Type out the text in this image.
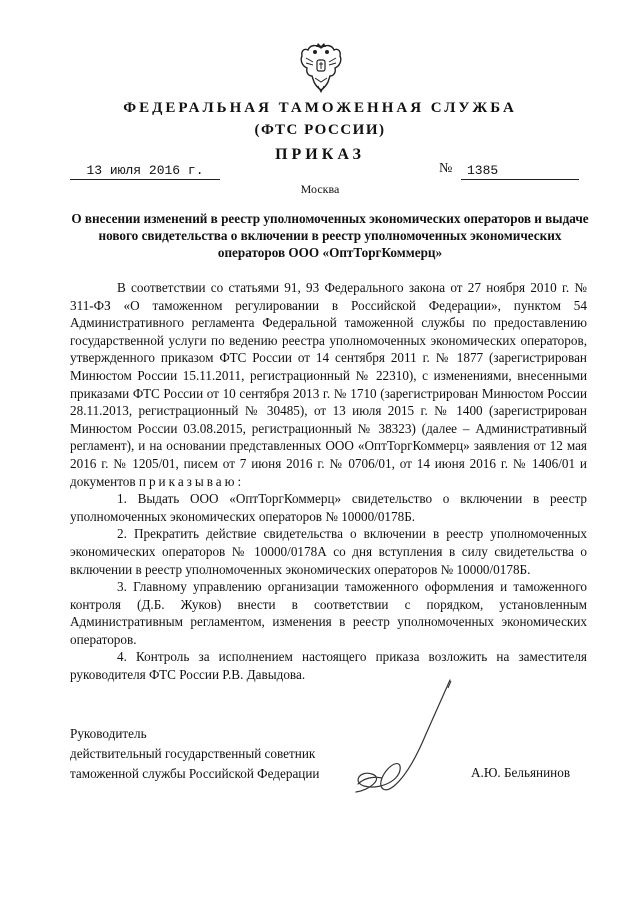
ФЕДЕРАЛЬНАЯ ТАМОЖЕННАЯ СЛУЖБА
(ФТС РОССИИ)
ПРИКАЗ
13 июля 2016 г.	№	1385
Москва
О внесении изменений в реестр уполномоченных экономических операторов и выдаче нового свидетельства о включении в реестр уполномоченных экономических операторов ООО «ОптТоргКоммерц»

В соответствии со статьями 91, 93 Федерального закона от 27 ноября 2010 г. № 311-ФЗ «О таможенном регулировании в Российской Федерации», пунктом 54 Административного регламента Федеральной таможенной службы по предоставлению государственной услуги по ведению реестра уполномоченных экономических операторов, утвержденного приказом ФТС России от 14 сентября 2011 г. № 1877 (зарегистрирован Минюстом России 15.11.2011, регистрационный № 22310), с изменениями, внесенными приказами ФТС России от 10 сентября 2013 г. № 1710 (зарегистрирован Минюстом России 28.11.2013, регистрационный № 30485), от 13 июля 2015 г. № 1400 (зарегистрирован Минюстом России 03.08.2015, регистрационный № 38323) (далее – Административный регламент), и на основании представленных ООО «ОптТоргКоммерц» заявления от 12 мая 2016 г. № 1205/01, писем от 7 июня 2016 г. № 0706/01, от 14 июня 2016 г. № 1406/01 и документов приказываю:

1. Выдать ООО «ОптТоргКоммерц» свидетельство о включении в реестр уполномоченных экономических операторов № 10000/0178Б.

2. Прекратить действие свидетельства о включении в реестр уполномоченных экономических операторов № 10000/0178А со дня вступления в силу свидетельства о включении в реестр уполномоченных экономических операторов № 10000/0178Б.

3. Главному управлению организации таможенного оформления и таможенного контроля (Д.Б. Жуков) внести в соответствии с порядком, установленным Административным регламентом, изменения в реестр уполномоченных экономических операторов.

4. Контроль за исполнением настоящего приказа возложить на заместителя руководителя ФТС России Р.В. Давыдова.

Руководитель
действительный государственный советник
таможенной службы Российской Федерации	А.Ю. Бельянинов
